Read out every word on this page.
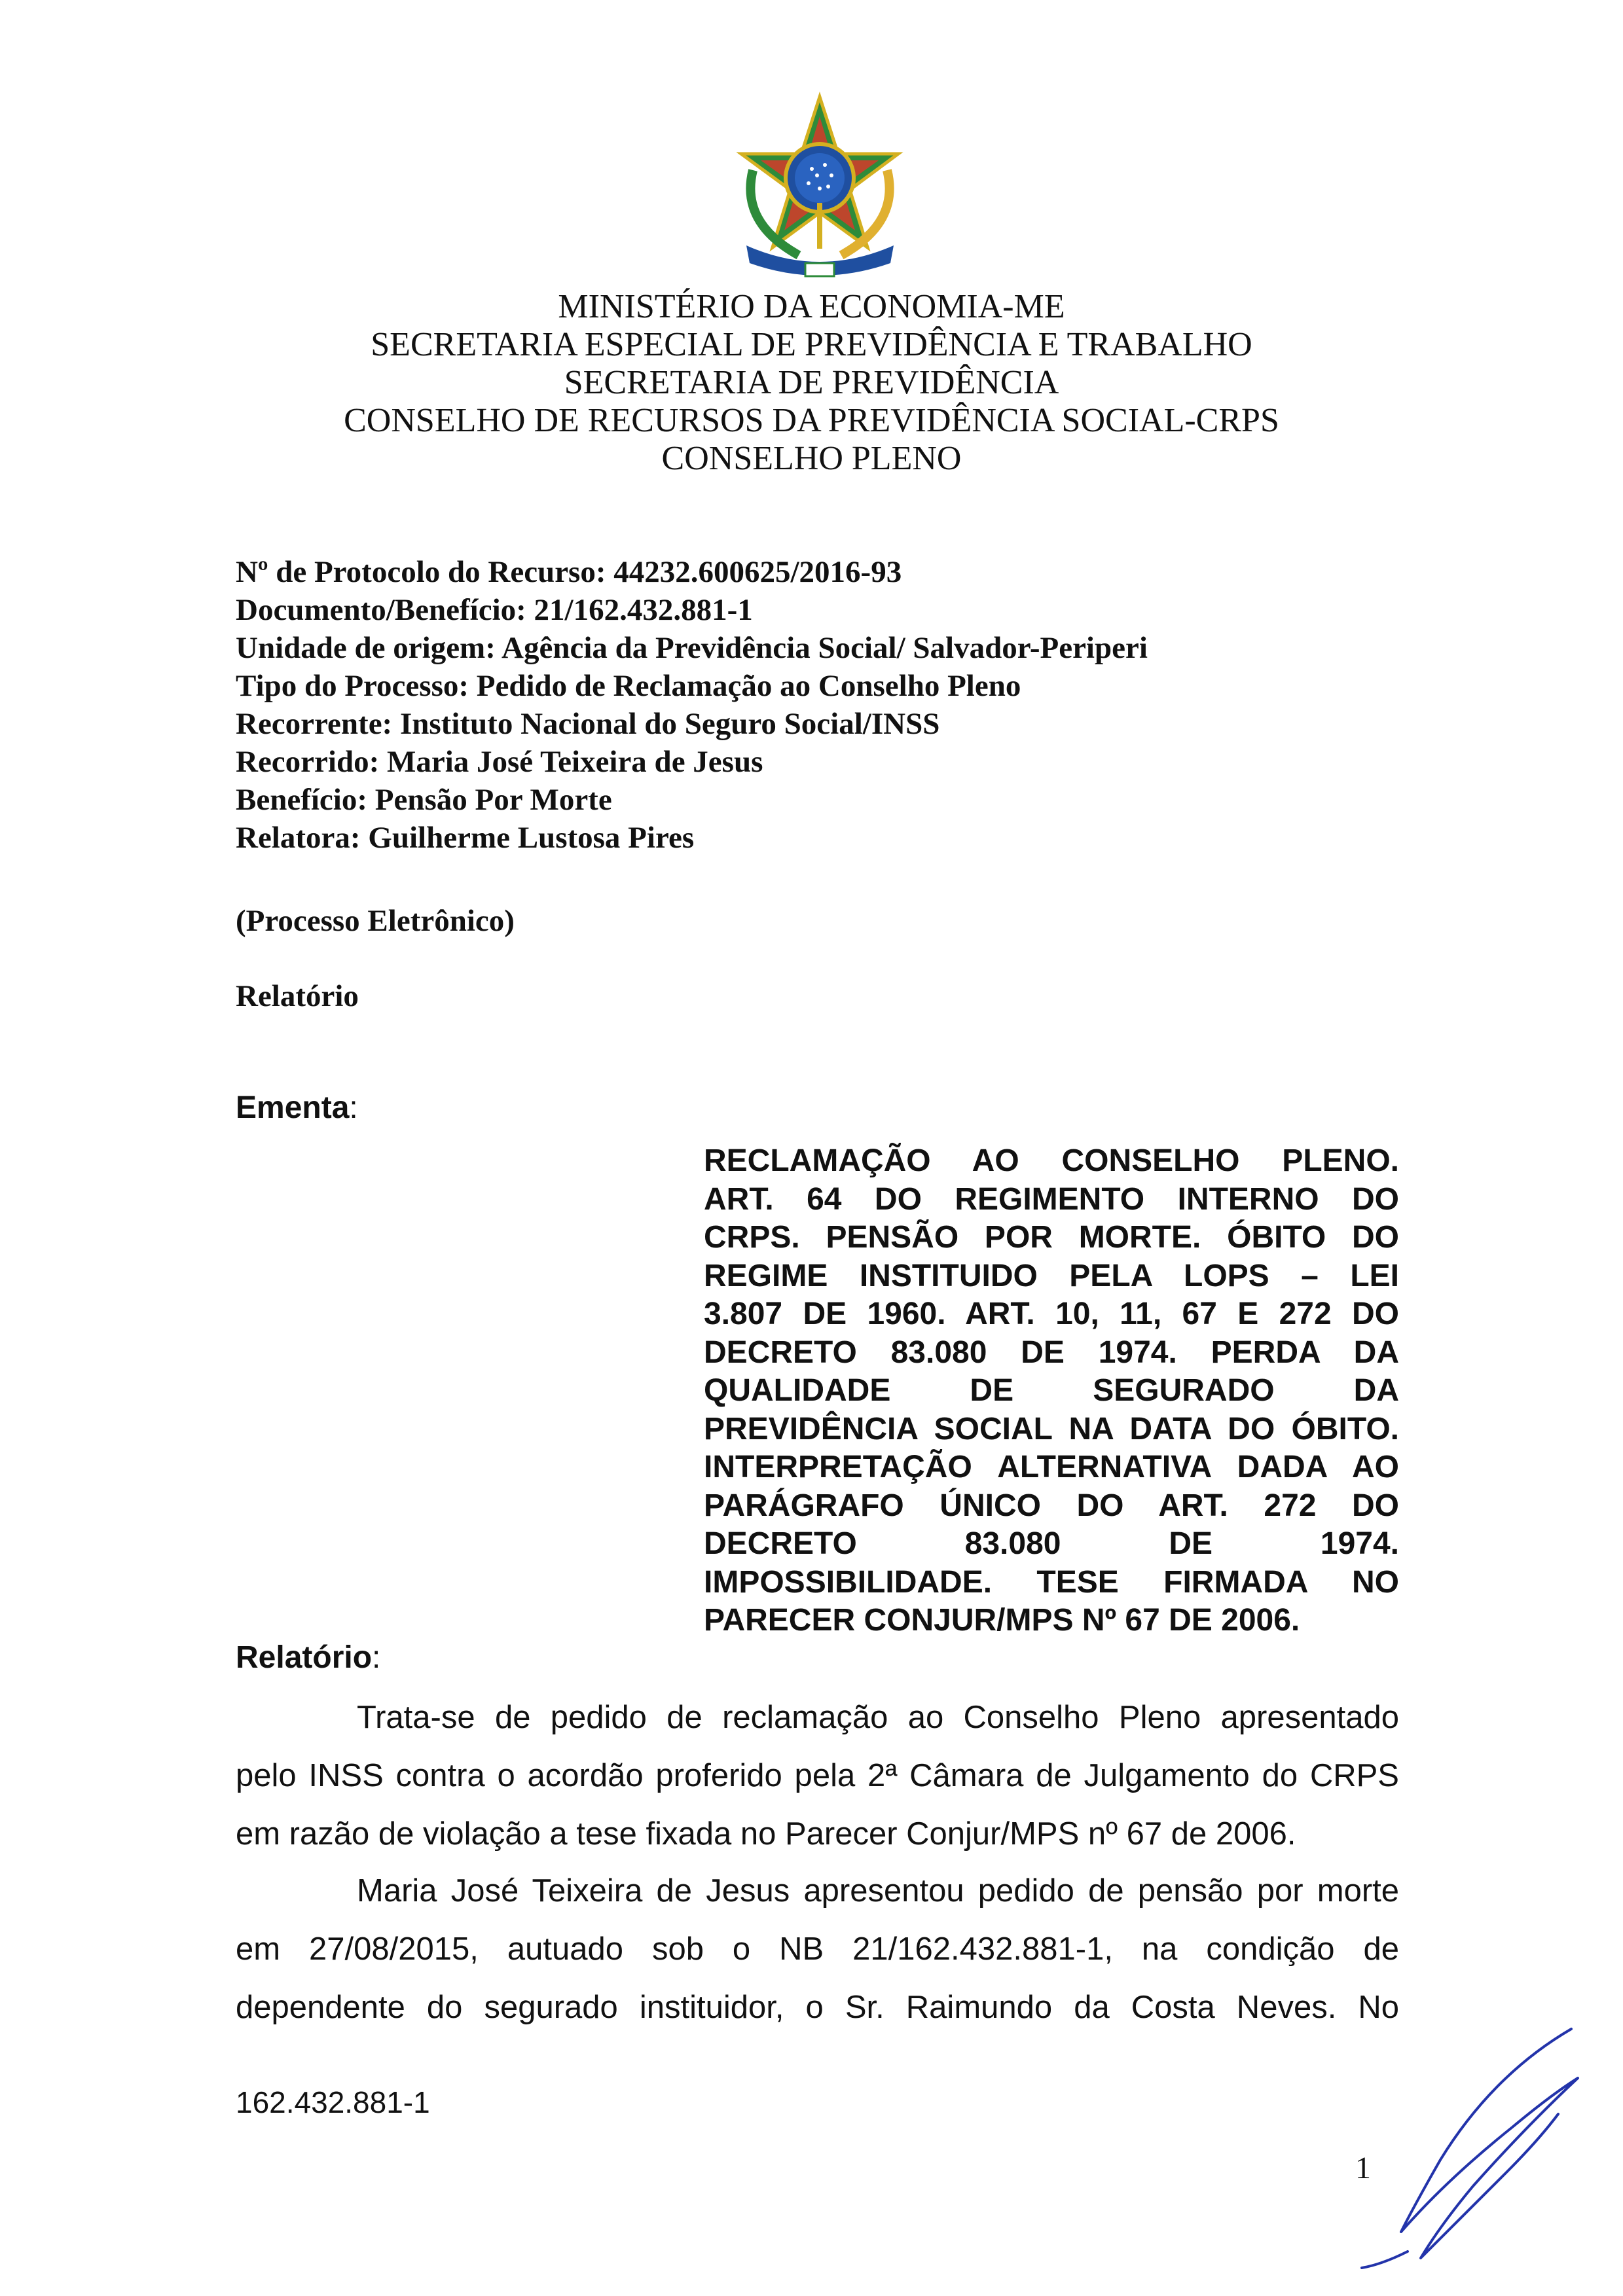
MINISTÉRIO DA ECONOMIA-ME
SECRETARIA ESPECIAL DE PREVIDÊNCIA E TRABALHO
SECRETARIA DE PREVIDÊNCIA
CONSELHO DE RECURSOS DA PREVIDÊNCIA SOCIAL-CRPS
CONSELHO PLENO
Nº de Protocolo do Recurso: 44232.600625/2016-93
Documento/Benefício: 21/162.432.881-1
Unidade de origem: Agência da Previdência Social/ Salvador-Periperi
Tipo do Processo: Pedido de Reclamação ao Conselho Pleno
Recorrente: Instituto Nacional do Seguro Social/INSS
Recorrido: Maria José Teixeira de Jesus
Benefício: Pensão Por Morte
Relatora: Guilherme Lustosa Pires
(Processo Eletrônico)
Relatório
Ementa:
RECLAMAÇÃO AO CONSELHO PLENO.
ART. 64 DO REGIMENTO INTERNO DO
CRPS. PENSÃO POR MORTE. ÓBITO DO
REGIME INSTITUIDO PELA LOPS – LEI
3.807 DE 1960. ART. 10, 11, 67 E 272 DO
DECRETO 83.080 DE 1974. PERDA DA
QUALIDADE DE SEGURADO DA
PREVIDÊNCIA SOCIAL NA DATA DO ÓBITO.
INTERPRETAÇÃO ALTERNATIVA DADA AO
PARÁGRAFO ÚNICO DO ART. 272 DO
DECRETO 83.080 DE 1974.
IMPOSSIBILIDADE. TESE FIRMADA NO
PARECER CONJUR/MPS Nº 67 DE 2006.
Relatório:
Trata-se de pedido de reclamação ao Conselho Pleno apresentado
pelo INSS contra o acordão proferido pela 2ª Câmara de Julgamento do CRPS
em razão de violação a tese fixada no Parecer Conjur/MPS nº 67 de 2006.
Maria José Teixeira de Jesus apresentou pedido de pensão por morte
em 27/08/2015, autuado sob o NB 21/162.432.881-1, na condição de
dependente do segurado instituidor, o Sr. Raimundo da Costa Neves. No
162.432.881-1
1
